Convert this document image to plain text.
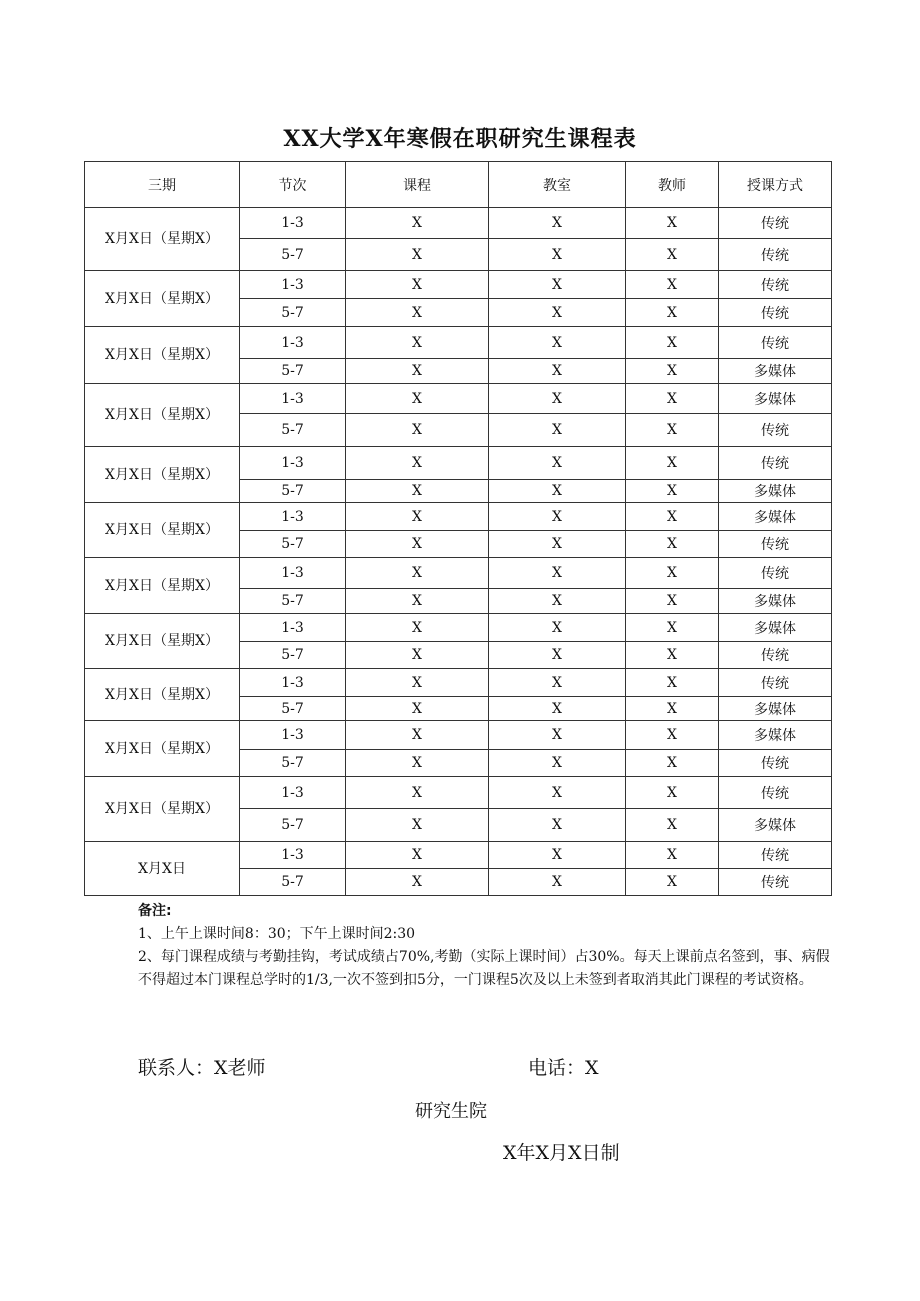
XX大学X年寒假在职研究生课程表
三期	节次	课程	教室	教师	授课方式
X月X日（星期X）	1-3	X	X	X	传统
	5-7	X	X	X	传统
X月X日（星期X）	1-3	X	X	X	传统
	5-7	X	X	X	传统
X月X日（星期X）	1-3	X	X	X	传统
	5-7	X	X	X	多媒体
X月X日（星期X）	1-3	X	X	X	多媒体
	5-7	X	X	X	传统
X月X日（星期X）	1-3	X	X	X	传统
	5-7	X	X	X	多媒体
X月X日（星期X）	1-3	X	X	X	多媒体
	5-7	X	X	X	传统
X月X日（星期X）	1-3	X	X	X	传统
	5-7	X	X	X	多媒体
X月X日（星期X）	1-3	X	X	X	多媒体
	5-7	X	X	X	传统
X月X日（星期X）	1-3	X	X	X	传统
	5-7	X	X	X	多媒体
X月X日（星期X）	1-3	X	X	X	多媒体
	5-7	X	X	X	传统
X月X日（星期X）	1-3	X	X	X	传统
	5-7	X	X	X	多媒体
X月X日	1-3	X	X	X	传统
	5-7	X	X	X	传统
备注:
1、上午上课时间8：30；下午上课时间2:30
2、每门课程成绩与考勤挂钩，考试成绩占70%,考勤（实际上课时间）占30%。每天上课前点名签到，事、病假不得超过本门课程总学时的1/3,一次不签到扣5分，一门课程5次及以上未签到者取消其此门课程的考试资格。
联系人：X老师	电话：X
研究生院
X年X月X日制
